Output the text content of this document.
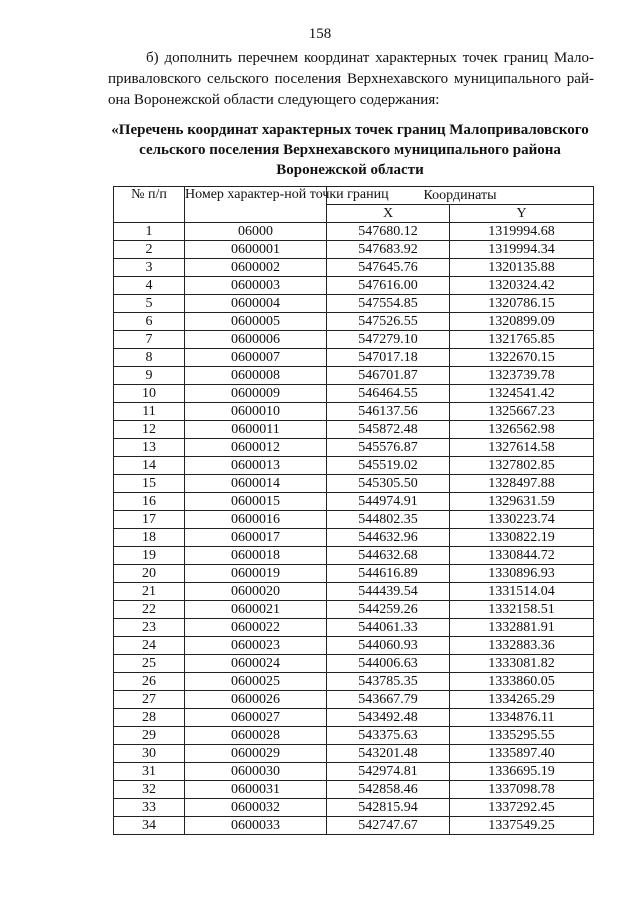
158

б) дополнить перечнем координат характерных точек границ Мало-приваловского сельского поселения Верхнехавского муниципального рай-она Воронежской области следующего содержания:

«Перечень координат характерных точек границ Малоприваловского сельского поселения Верхнехавского муниципального района Воронежской области
№ п/п	Номер характер-ной точки границ	Координаты	
		X	Y
1	06000	547680.12	1319994.68
2	0600001	547683.92	1319994.34
3	0600002	547645.76	1320135.88
4	0600003	547616.00	1320324.42
5	0600004	547554.85	1320786.15
6	0600005	547526.55	1320899.09
7	0600006	547279.10	1321765.85
8	0600007	547017.18	1322670.15
9	0600008	546701.87	1323739.78
10	0600009	546464.55	1324541.42
11	0600010	546137.56	1325667.23
12	0600011	545872.48	1326562.98
13	0600012	545576.87	1327614.58
14	0600013	545519.02	1327802.85
15	0600014	545305.50	1328497.88
16	0600015	544974.91	1329631.59
17	0600016	544802.35	1330223.74
18	0600017	544632.96	1330822.19
19	0600018	544632.68	1330844.72
20	0600019	544616.89	1330896.93
21	0600020	544439.54	1331514.04
22	0600021	544259.26	1332158.51
23	0600022	544061.33	1332881.91
24	0600023	544060.93	1332883.36
25	0600024	544006.63	1333081.82
26	0600025	543785.35	1333860.05
27	0600026	543667.79	1334265.29
28	0600027	543492.48	1334876.11
29	0600028	543375.63	1335295.55
30	0600029	543201.48	1335897.40
31	0600030	542974.81	1336695.19
32	0600031	542858.46	1337098.78
33	0600032	542815.94	1337292.45
34	0600033	542747.67	1337549.25
